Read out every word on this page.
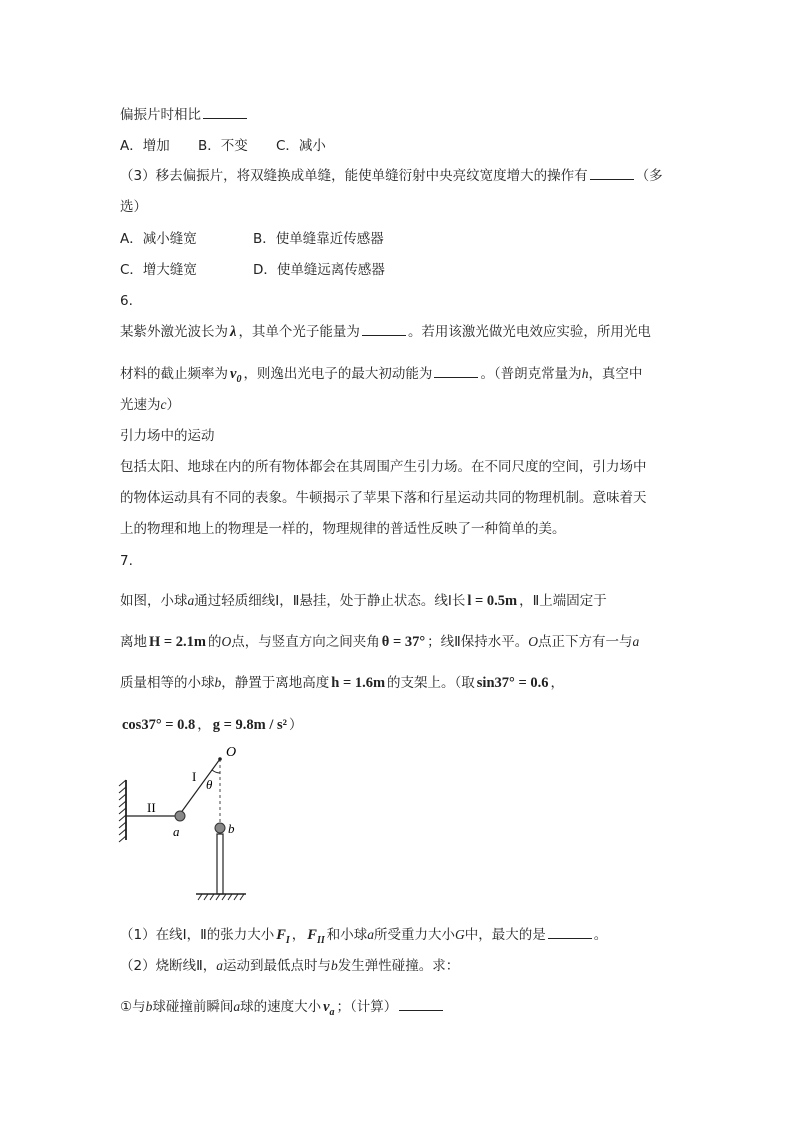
偏振片时相比
A．增加 B．不变 C．减小
（3）移去偏振片，将双缝换成单缝，能使单缝衍射中央亮纹宽度增大的操作有	（多
选）
A．减小缝宽	B．使单缝靠近传感器
C．增大缝宽	D．使单缝远离传感器
6.
某紫外激光波长为 λ ，其单个光子能量为	。若用该激光做光电效应实验，所用光电
材料的截止频率为 $\nu_0$ ，则逸出光电子的最大初动能为	。（普朗克常量为h，真空中
光速为c）
引力场中的运动
包括太阳、地球在内的所有物体都会在其周围产生引力场。在不同尺度的空间，引力场中
的物体运动具有不同的表象。牛顿揭示了苹果下落和行星运动共同的物理机制。意味着天
上的物理和地上的物理是一样的，物理规律的普适性反映了一种简单的美。
7.
如图，小球a通过轻质细线Ⅰ，Ⅱ悬挂，处于静止状态。线Ⅰ长 l = 0.5m ，Ⅱ上端固定于
离地 H = 2.1m 的O点，与竖直方向之间夹角 θ = 37° ；线Ⅱ保持水平。O点正下方有一与a
质量相等的小球b，静置于离地高度 h = 1.6m 的支架上。（取 sin37° = 0.6 ，
cos37° = 0.8 ， g = 9.8m / s² ）
O
I
θ
II
a	b
（1）在线Ⅰ，Ⅱ的张力大小 $F_I$ ， $F_{II}$ 和小球a所受重力大小G中，最大的是	。
（2）烧断线Ⅱ，a运动到最低点时与b发生弹性碰撞。求：
①与b球碰撞前瞬间a球的速度大小 $v_a$ ；（计算）
